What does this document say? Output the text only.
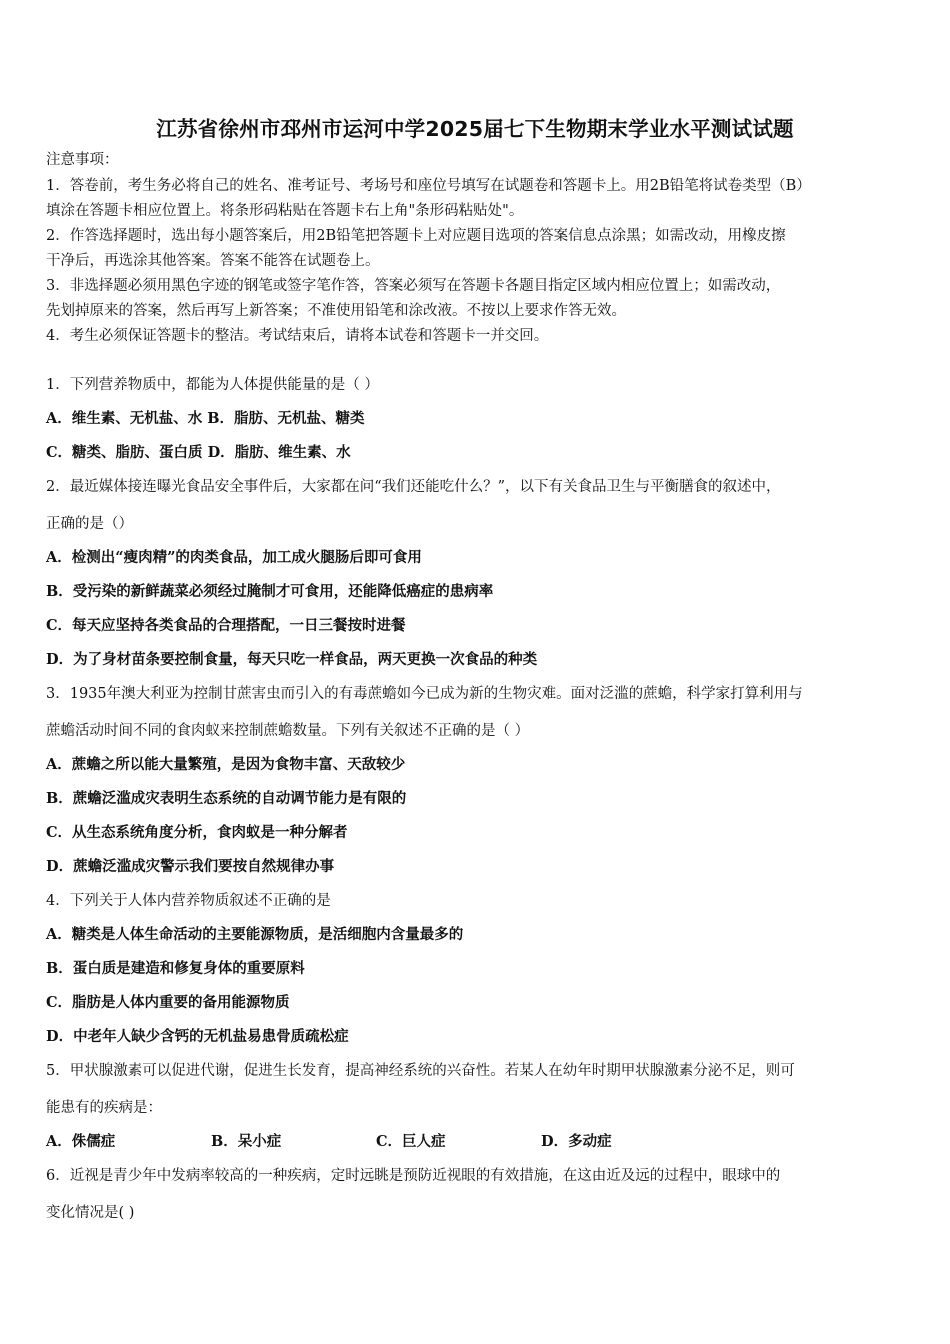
江苏省徐州市邳州市运河中学2025届七下生物期末学业水平测试试题
注意事项：
1．答卷前，考生务必将自己的姓名、准考证号、考场号和座位号填写在试题卷和答题卡上。用2B铅笔将试卷类型（B）
填涂在答题卡相应位置上。将条形码粘贴在答题卡右上角"条形码粘贴处"。
2．作答选择题时，选出每小题答案后，用2B铅笔把答题卡上对应题目选项的答案信息点涂黑；如需改动，用橡皮擦
干净后，再选涂其他答案。答案不能答在试题卷上。
3．非选择题必须用黑色字迹的钢笔或签字笔作答，答案必须写在答题卡各题目指定区域内相应位置上；如需改动，
先划掉原来的答案，然后再写上新答案；不准使用铅笔和涂改液。不按以上要求作答无效。
4．考生必须保证答题卡的整洁。考试结束后，请将本试卷和答题卡一并交回。
1．下列营养物质中，都能为人体提供能量的是（ ）
A．维生素、无机盐、水 B．脂肪、无机盐、糖类
C．糖类、脂肪、蛋白质 D．脂肪、维生素、水
2．最近媒体接连曝光食品安全事件后，大家都在问“我们还能吃什么？”，以下有关食品卫生与平衡膳食的叙述中，
正确的是（）
A．检测出“瘦肉精”的肉类食品，加工成火腿肠后即可食用
B．受污染的新鲜蔬菜必须经过腌制才可食用，还能降低癌症的患病率
C．每天应坚持各类食品的合理搭配，一日三餐按时进餐
D．为了身材苗条要控制食量，每天只吃一样食品，两天更换一次食品的种类
3．1935年澳大利亚为控制甘蔗害虫而引入的有毒蔗蟾如今已成为新的生物灾难。面对泛滥的蔗蟾，科学家打算利用与
蔗蟾活动时间不同的食肉蚁来控制蔗蟾数量。下列有关叙述不正确的是（ ）
A．蔗蟾之所以能大量繁殖，是因为食物丰富、天敌较少
B．蔗蟾泛滥成灾表明生态系统的自动调节能力是有限的
C．从生态系统角度分析，食肉蚁是一种分解者
D．蔗蟾泛滥成灾警示我们要按自然规律办事
4．下列关于人体内营养物质叙述不正确的是
A．糖类是人体生命活动的主要能源物质，是活细胞内含量最多的
B．蛋白质是建造和修复身体的重要原料
C．脂肪是人体内重要的备用能源物质
D．中老年人缺少含钙的无机盐易患骨质疏松症
5．甲状腺激素可以促进代谢，促进生长发育，提高神经系统的兴奋性。若某人在幼年时期甲状腺激素分泌不足，则可
能患有的疾病是：
A．侏儒症	B．呆小症	C．巨人症	D．多动症
6．近视是青少年中发病率较高的一种疾病，定时远眺是预防近视眼的有效措施，在这由近及远的过程中，眼球中的
变化情况是( )
